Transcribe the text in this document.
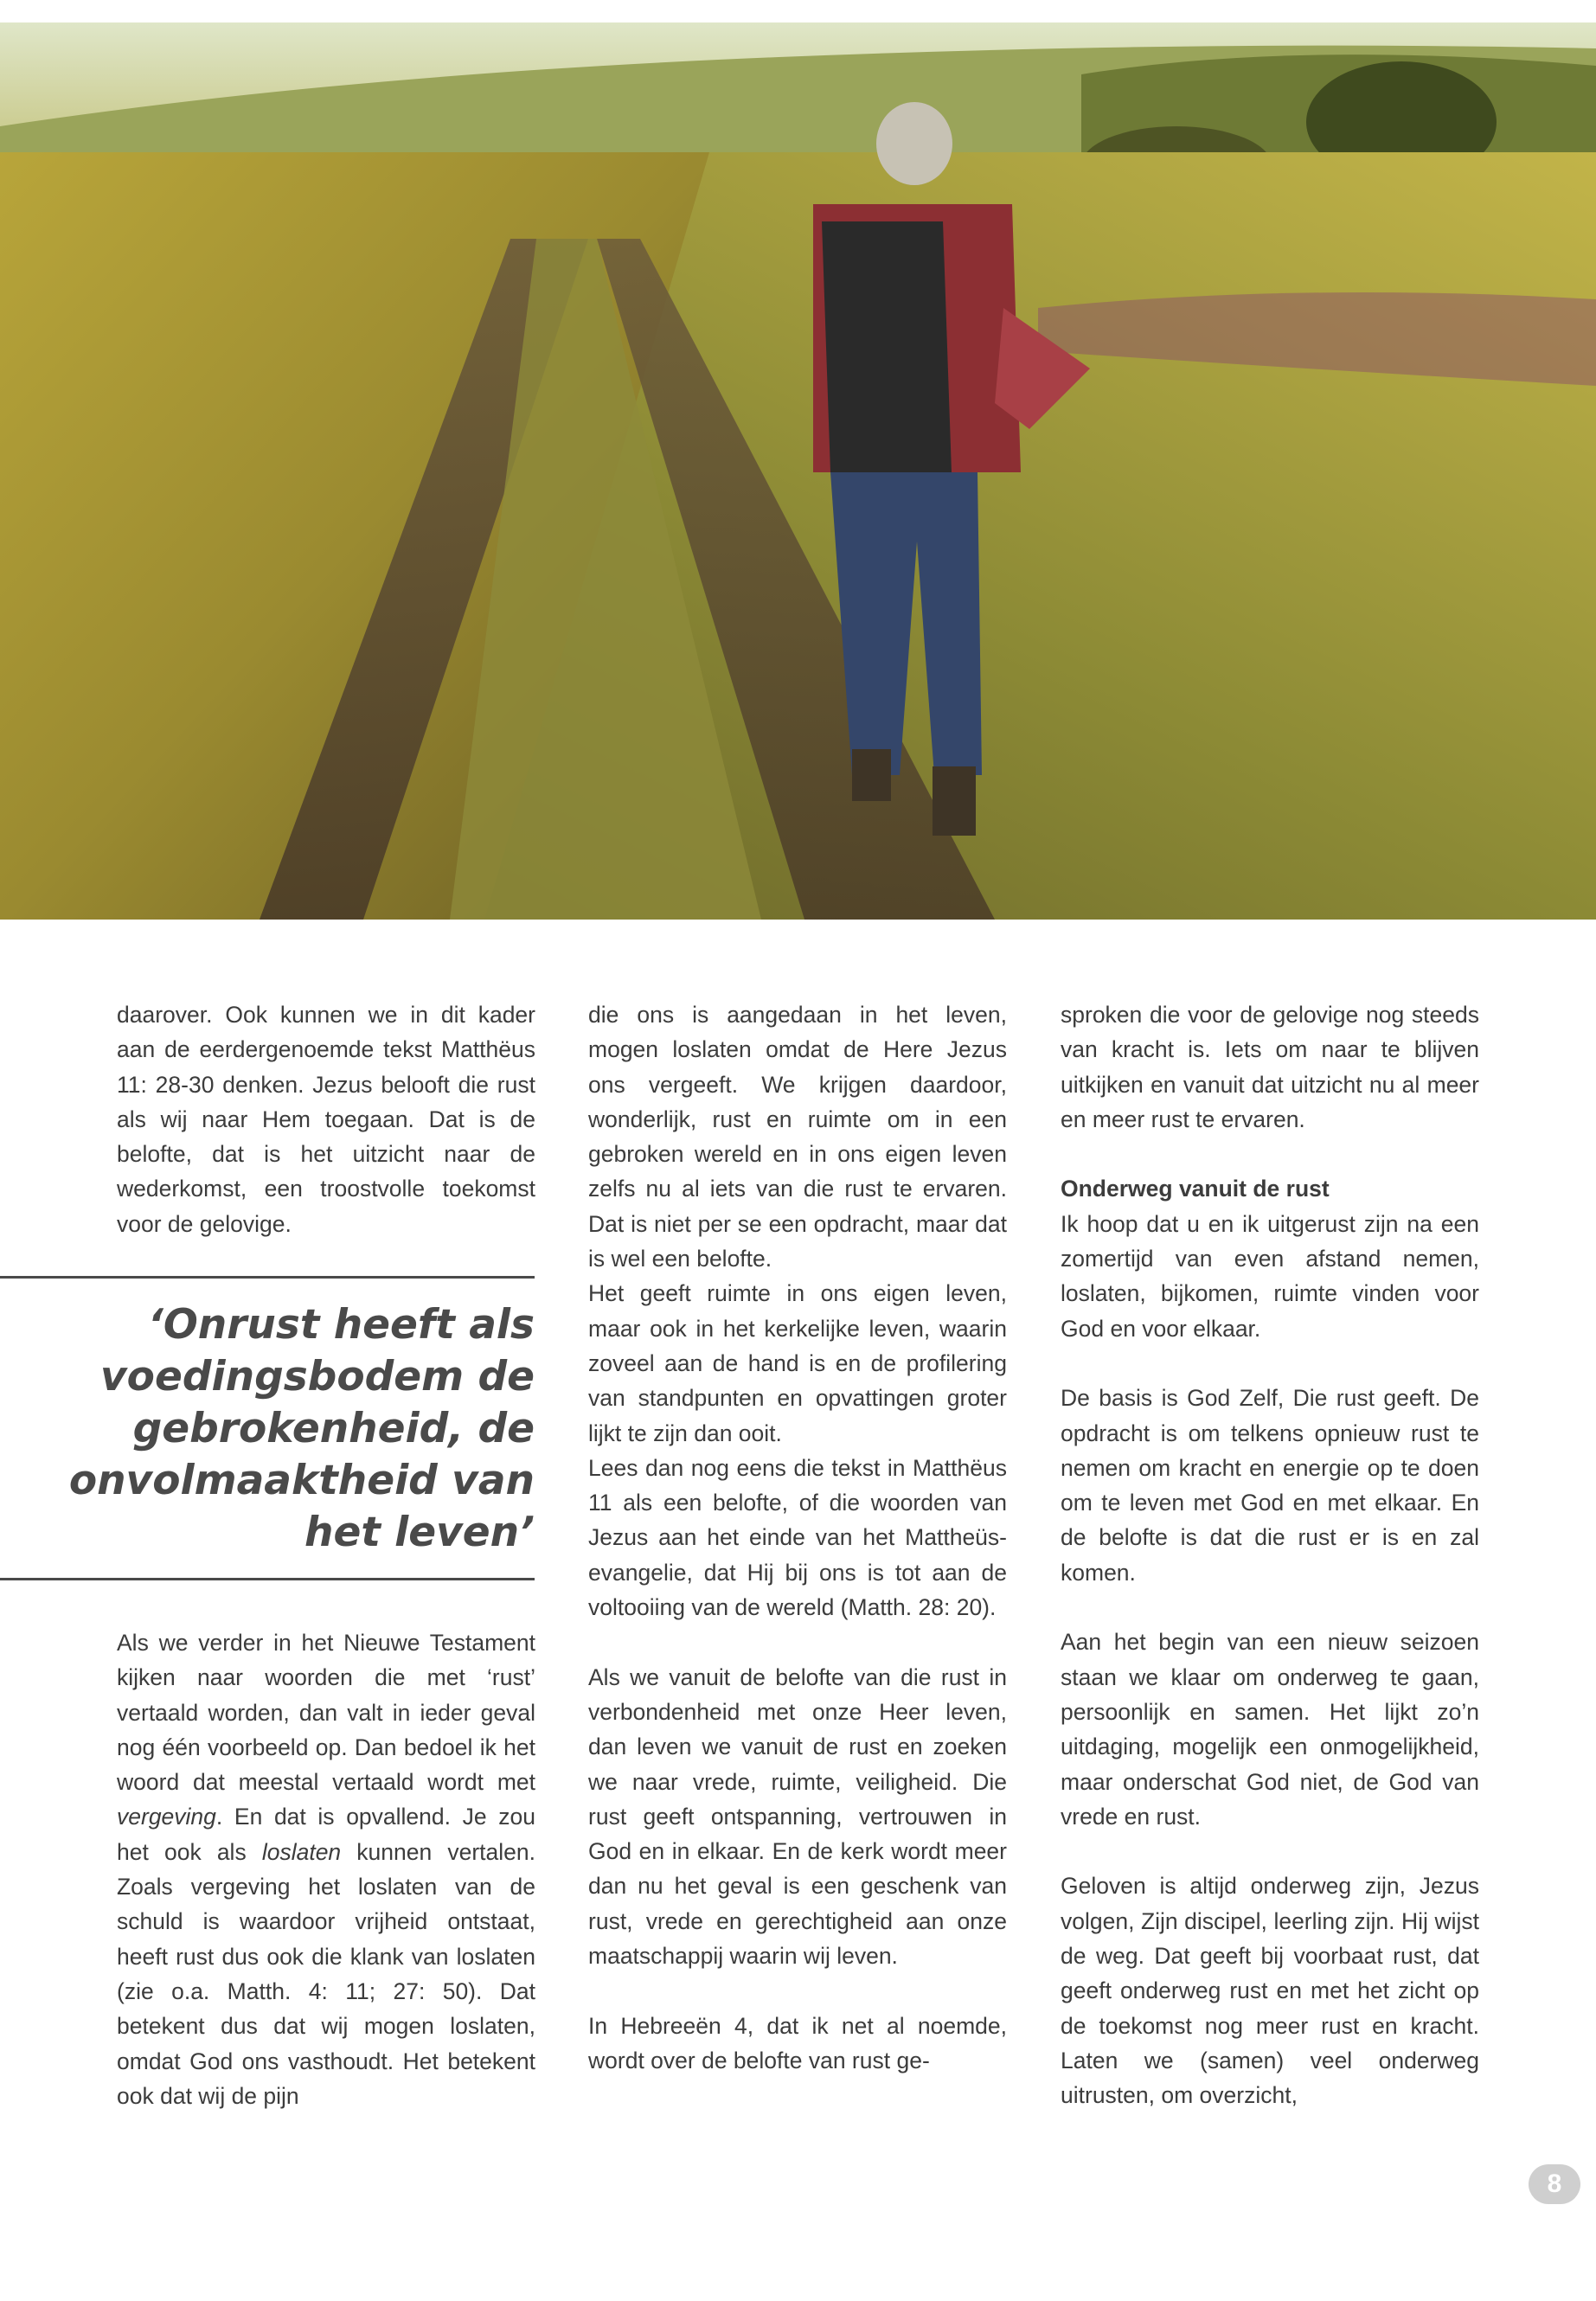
daarover. Ook kunnen we in dit kader aan de eerdergenoemde tekst Matthëus 11: 28-30 denken. Jezus belooft die rust als wij naar Hem toegaan. Dat is de belofte, dat is het uitzicht naar de wederkomst, een troostvolle toekomst voor de gelovige.

‘Onrust heeft als
voedingsbodem de
gebrokenheid, de
onvolmaaktheid van
het leven’

Als we verder in het Nieuwe Testament kijken naar woorden die met ‘rust’ vertaald worden, dan valt in ieder geval nog één voorbeeld op. Dan bedoel ik het woord dat meestal vertaald wordt met vergeving. En dat is opvallend. Je zou het ook als loslaten kunnen vertalen. Zoals vergeving het loslaten van de schuld is waardoor vrijheid ontstaat, heeft rust dus ook die klank van loslaten (zie o.a. Matth. 4: 11; 27: 50). Dat betekent dus dat wij mogen loslaten, omdat God ons vasthoudt. Het betekent ook dat wij de pijn

die ons is aangedaan in het leven, mogen loslaten omdat de Here Jezus ons vergeeft. We krijgen daardoor, wonderlijk, rust en ruimte om in een gebroken wereld en in ons eigen leven zelfs nu al iets van die rust te ervaren. Dat is niet per se een opdracht, maar dat is wel een belofte.

Het geeft ruimte in ons eigen leven, maar ook in het kerkelijke leven, waarin zoveel aan de hand is en de profilering van standpunten en opvattingen groter lijkt te zijn dan ooit.

Lees dan nog eens die tekst in Matthëus 11 als een belofte, of die woorden van Jezus aan het einde van het Mattheüs-evangelie, dat Hij bij ons is tot aan de voltooiing van de wereld (Matth. 28: 20).

Als we vanuit de belofte van die rust in verbondenheid met onze Heer leven, dan leven we vanuit de rust en zoeken we naar vrede, ruimte, veiligheid. Die rust geeft ontspanning, vertrouwen in God en in elkaar. En de kerk wordt meer dan nu het geval is een geschenk van rust, vrede en gerechtigheid aan onze maatschappij waarin wij leven.

In Hebreeën 4, dat ik net al noemde, wordt over de belofte van rust ge-

sproken die voor de gelovige nog steeds van kracht is. Iets om naar te blijven uitkijken en vanuit dat uitzicht nu al meer en meer rust te ervaren.

Onderweg vanuit de rust

Ik hoop dat u en ik uitgerust zijn na een zomertijd van even afstand nemen, loslaten, bijkomen, ruimte vinden voor God en voor elkaar.

De basis is God Zelf, Die rust geeft. De opdracht is om telkens opnieuw rust te nemen om kracht en energie op te doen om te leven met God en met elkaar. En de belofte is dat die rust er is en zal komen.

Aan het begin van een nieuw seizoen staan we klaar om onderweg te gaan, persoonlijk en samen. Het lijkt zo’n uitdaging, mogelijk een onmogelijkheid, maar onderschat God niet, de God van vrede en rust.

Geloven is altijd onderweg zijn, Jezus volgen, Zijn discipel, leerling zijn. Hij wijst de weg. Dat geeft bij voorbaat rust, dat geeft onderweg rust en met het zicht op de toekomst nog meer rust en kracht. Laten we (samen) veel onderweg uitrusten, om overzicht,

8
